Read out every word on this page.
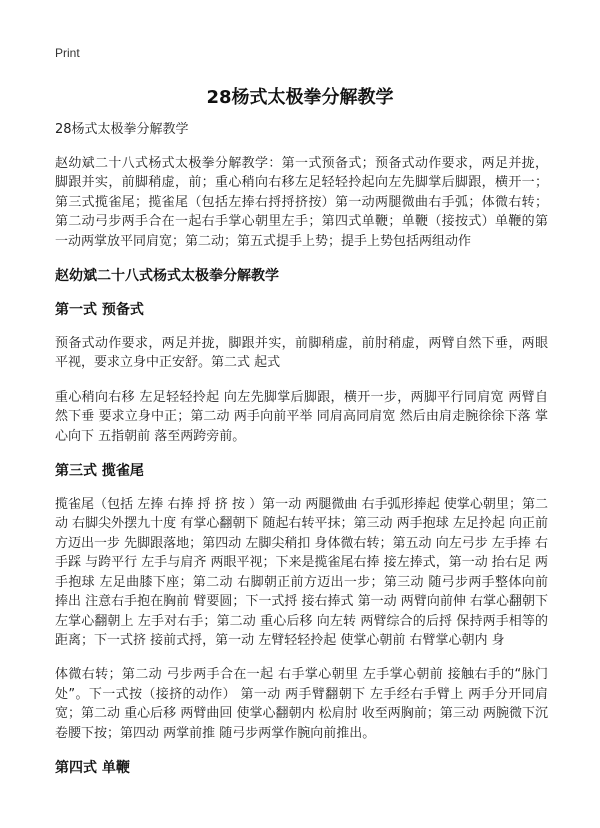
Print
28杨式太极拳分解教学

28杨式太极拳分解教学

赵幼斌二十八式杨式太极拳分解教学：第一式预备式；预备式动作要求，两足并拢，脚跟并实，前脚稍虚，前；重心稍向右移左足轻轻拎起向左先脚掌后脚跟，横开一；第三式揽雀尾；揽雀尾（包括左捧右捋捋挤按）第一动两腿微曲右手弧；体微右转；第二动弓步两手合在一起右手掌心朝里左手；第四式单鞭；单鞭（接按式）单鞭的第一动两掌放平同肩宽；第二动；第五式提手上势；提手上势包括两组动作

赵幼斌二十八式杨式太极拳分解教学
第一式 预备式

预备式动作要求，两足并拢，脚跟并实，前脚稍虚，前肘稍虚，两臂自然下垂，两眼平视，要求立身中正安舒。第二式 起式

重心稍向右移 左足轻轻拎起 向左先脚掌后脚跟，横开一步，两脚平行同肩宽 两臂自然下垂 要求立身中正；第二动 两手向前平举 同肩高同肩宽 然后由肩走腕徐徐下落 掌心向下 五指朝前 落至两跨旁前。

第三式 揽雀尾

揽雀尾（包括 左捧 右捧 捋 挤 按 ）第一动 两腿微曲 右手弧形捧起 使掌心朝里；第二动 右脚尖外摆九十度 有掌心翻朝下 随起右转平抹；第三动 两手抱球 左足拎起 向正前方迈出一步 先脚跟落地；第四动 左脚尖稍扣 身体微右转；第五动 向左弓步 左手捧 右手踩 与跨平行 左手与肩齐 两眼平视；下来是揽雀尾右捧 接左捧式，第一动 抬右足 两手抱球 左足曲膝下座；第二动 右脚朝正前方迈出一步；第三动 随弓步两手整体向前捧出 注意右手抱在胸前 臂要圆；下一式捋 接右捧式 第一动 两臂向前伸 右掌心翻朝下 左掌心翻朝上 左手对右手；第二动 重心后移 向左转 两臂综合的后捋 保持两手相等的距离；下一式挤 接前式捋，第一动 左臂轻轻拎起 使掌心朝前 右臂掌心朝内 身

体微右转；第二动 弓步两手合在一起 右手掌心朝里 左手掌心朝前 接触右手的“脉门处”。下一式按（接挤的动作） 第一动 两手臂翻朝下 左手经右手臂上 两手分开同肩宽；第二动 重心后移 两臂曲回 使掌心翻朝内 松肩肘 收至两胸前；第三动 两腕微下沉 卷腰下按；第四动 两掌前推 随弓步两掌作腕向前推出。

第四式 单鞭
